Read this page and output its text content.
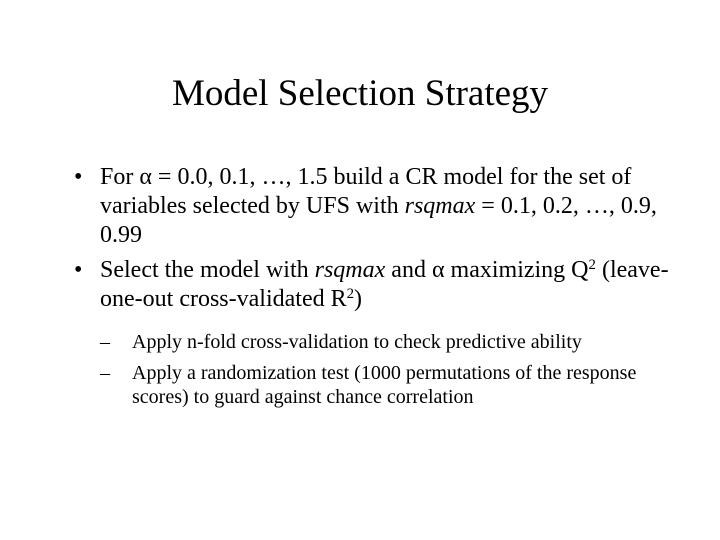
Model Selection Strategy
• For α = 0.0, 0.1, …, 1.5 build a CR model for the set of variables selected by UFS with rsqmax = 0.1, 0.2, …, 0.9, 0.99
• Select the model with rsqmax and α maximizing $Q^2$ (leave-one-out cross-validated $R^2$)
– Apply n-fold cross-validation to check predictive ability
– Apply a randomization test (1000 permutations of the response scores) to guard against chance correlation
